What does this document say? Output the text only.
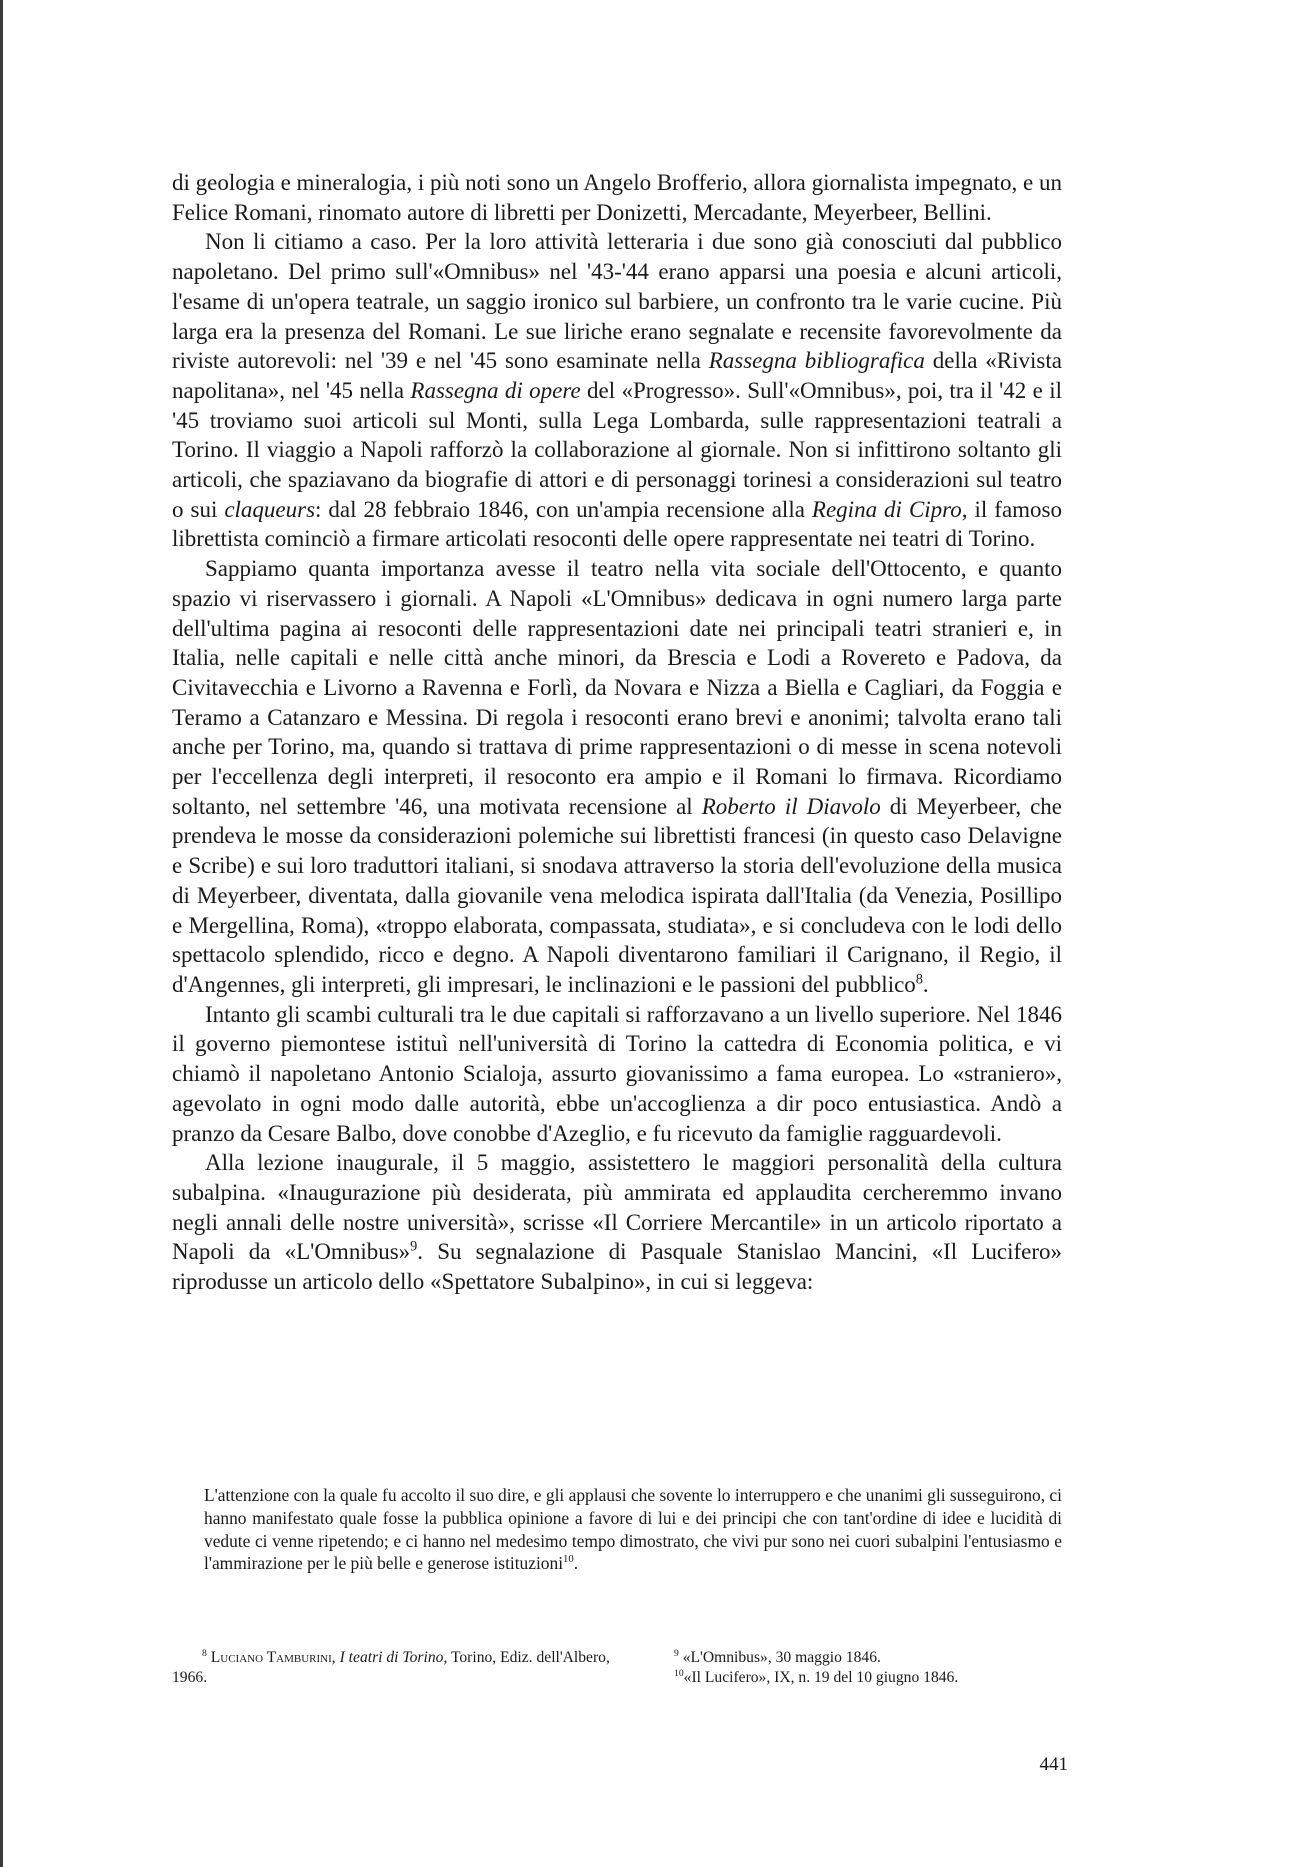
di geologia e mineralogia, i più noti sono un Angelo Brofferio, allora giornalista impegnato, e un Felice Romani, rinomato autore di libretti per Donizetti, Mercadante, Meyerbeer, Bellini.

Non li citiamo a caso. Per la loro attività letteraria i due sono già conosciuti dal pubblico napoletano. Del primo sull'«Omnibus» nel '43-'44 erano apparsi una poesia e alcuni articoli, l'esame di un'opera teatrale, un saggio ironico sul barbiere, un confronto tra le varie cucine. Più larga era la presenza del Romani. Le sue liriche erano segnalate e recensite favorevolmente da riviste autorevoli: nel '39 e nel '45 sono esaminate nella Rassegna bibliografica della «Rivista napolitana», nel '45 nella Rassegna di opere del «Progresso». Sull'«Omnibus», poi, tra il '42 e il '45 troviamo suoi articoli sul Monti, sulla Lega Lombarda, sulle rappresentazioni teatrali a Torino. Il viaggio a Napoli rafforzò la collaborazione al giornale. Non si infittirono soltanto gli articoli, che spaziavano da biografie di attori e di personaggi torinesi a considerazioni sul teatro o sui claqueurs: dal 28 febbraio 1846, con un'ampia recensione alla Regina di Cipro, il famoso librettista cominciò a firmare articolati resoconti delle opere rappresentate nei teatri di Torino.

Sappiamo quanta importanza avesse il teatro nella vita sociale dell'Ottocento, e quanto spazio vi riservassero i giornali. A Napoli «L'Omnibus» dedicava in ogni numero larga parte dell'ultima pagina ai resoconti delle rappresentazioni date nei principali teatri stranieri e, in Italia, nelle capitali e nelle città anche minori, da Brescia e Lodi a Rovereto e Padova, da Civitavecchia e Livorno a Ravenna e Forlì, da Novara e Nizza a Biella e Cagliari, da Foggia e Teramo a Catanzaro e Messina. Di regola i resoconti erano brevi e anonimi; talvolta erano tali anche per Torino, ma, quando si trattava di prime rappresentazioni o di messe in scena notevoli per l'eccellenza degli interpreti, il resoconto era ampio e il Romani lo firmava. Ricordiamo soltanto, nel settembre '46, una motivata recensione al Roberto il Diavolo di Meyerbeer, che prendeva le mosse da considerazioni polemiche sui librettisti francesi (in questo caso Delavigne e Scribe) e sui loro traduttori italiani, si snodava attraverso la storia dell'evoluzione della musica di Meyerbeer, diventata, dalla giovanile vena melodica ispirata dall'Italia (da Venezia, Posillipo e Mergellina, Roma), «troppo elaborata, compassata, studiata», e si concludeva con le lodi dello spettacolo splendido, ricco e degno. A Napoli diventarono familiari il Carignano, il Regio, il d'Angennes, gli interpreti, gli impresari, le inclinazioni e le passioni del pubblico$^8$.

Intanto gli scambi culturali tra le due capitali si rafforzavano a un livello superiore. Nel 1846 il governo piemontese istituì nell'università di Torino la cattedra di Economia politica, e vi chiamò il napoletano Antonio Scialoja, assurto giovanissimo a fama europea. Lo «straniero», agevolato in ogni modo dalle autorità, ebbe un'accoglienza a dir poco entusiastica. Andò a pranzo da Cesare Balbo, dove conobbe d'Azeglio, e fu ricevuto da famiglie ragguardevoli.

Alla lezione inaugurale, il 5 maggio, assistettero le maggiori personalità della cultura subalpina. «Inaugurazione più desiderata, più ammirata ed applaudita cercheremmo invano negli annali delle nostre università», scrisse «Il Corriere Mercantile» in un articolo riportato a Napoli da «L'Omnibus»$^9$. Su segnalazione di Pasquale Stanislao Mancini, «Il Lucifero» riprodusse un articolo dello «Spettatore Subalpino», in cui si leggeva:

L'attenzione con la quale fu accolto il suo dire, e gli applausi che sovente lo interruppero e che unanimi gli susseguirono, ci hanno manifestato quale fosse la pubblica opinione a favore di lui e dei principi che con tant'ordine di idee e lucidità di vedute ci venne ripetendo; e ci hanno nel medesimo tempo dimostrato, che vivi pur sono nei cuori subalpini l'entusiasmo e l'ammirazione per le più belle e generose istituzioni$^{10}$.

$^8$ Luciano Tamburini, I teatri di Torino, Torino, Ediz. dell'Albero, 1966.

$^9$ «L'Omnibus», 30 maggio 1846.

$^{10}$«Il Lucifero», IX, n. 19 del 10 giugno 1846.

441
